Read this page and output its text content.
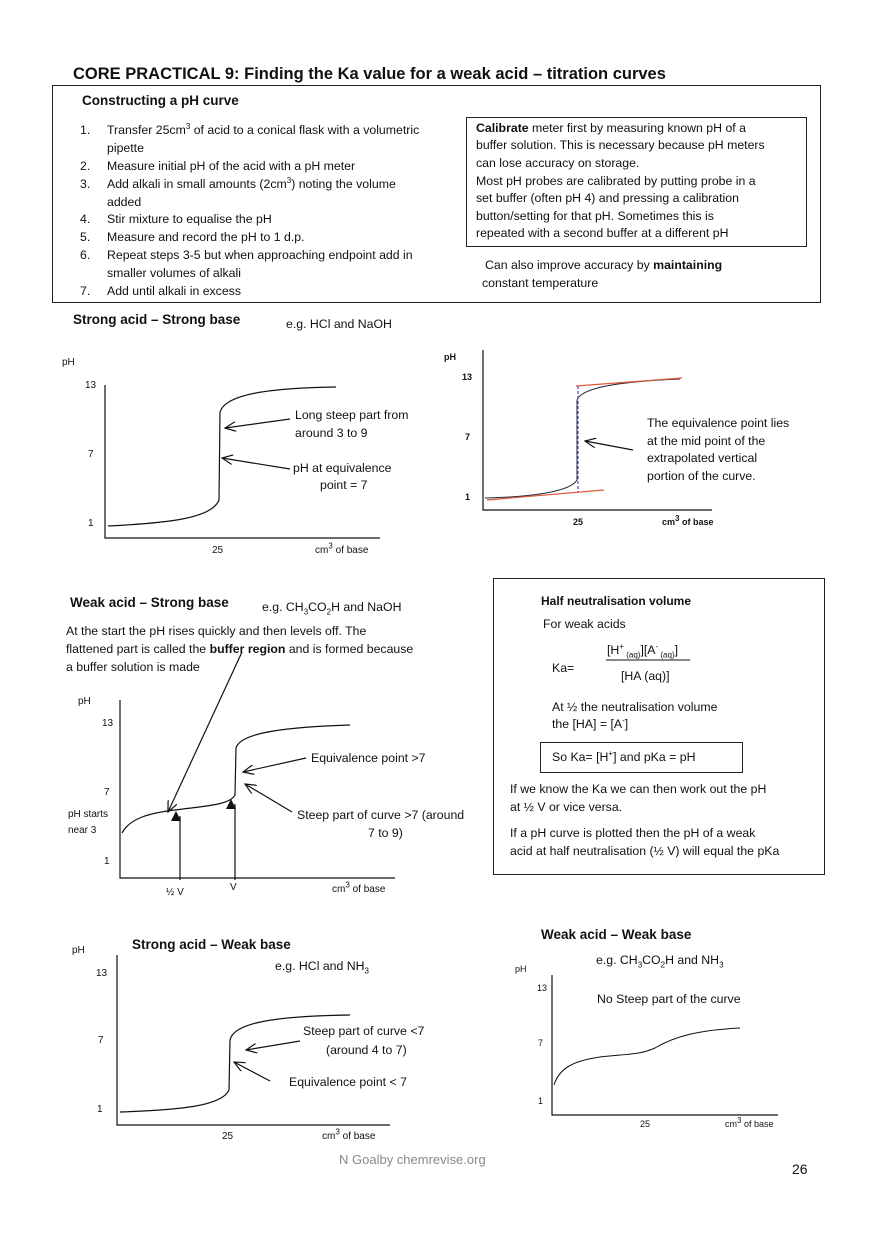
CORE PRACTICAL 9: Finding the Ka value for a weak acid – titration curves
Constructing a pH curve
1. Transfer $25cm^3$ of acid to a conical flask with a volumetric
pipette
2. Measure initial pH of the acid with a pH meter
3. Add alkali in small amounts $(2cm^3)$ noting the volume
added
4. Stir mixture to equalise the pH
5. Measure and record the pH to 1 d.p.
6. Repeat steps 3-5 but when approaching endpoint add in
smaller volumes of alkali
7. Add until alkali in excess
Calibrate meter first by measuring known pH of a
buffer solution. This is necessary because pH meters
can lose accuracy on storage.
Most pH probes are calibrated by putting probe in a
set buffer (often pH 4) and pressing a calibration
button/setting for that pH. Sometimes this is
repeated with a second buffer at a different pH
Can also improve accuracy by maintaining
constant temperature
Strong acid – Strong base	e.g. HCl and NaOH
pH
13
7
1
25	$cm^3$ of base
Long steep part from
around 3 to 9
pH at equivalence
point = 7
pH
13
7
1
25	$cm^3$ of base
The equivalence point lies
at the mid point of the
extrapolated vertical
portion of the curve.
Weak acid – Strong base	e.g. $CH_3CO_2H$ and NaOH
At the start the pH rises quickly and then levels off. The
flattened part is called the buffer region and is formed because
a buffer solution is made
pH
13
7
pH starts
near 3
1
½ V	V	$cm^3$ of base
Equivalence point >7
Steep part of curve >7 (around
7 to 9)
Half neutralisation volume
For weak acids
[H+ $_{(aq)}$][A- $_{(aq)}$]
Ka=
[HA (aq)]
At ½ the neutralisation volume
the [HA] = [A-]
So Ka= [H+] and pKa = pH
If we know the Ka we can then work out the pH
at ½ V or vice versa.
If a pH curve is plotted then the pH of a weak
acid at half neutralisation (½ V) will equal the pKa
Strong acid – Weak base
e.g. HCl and $NH_3$
pH
13
7
1
25	$cm^3$ of base
Steep part of curve <7
(around 4 to 7)
Equivalence point < 7
Weak acid – Weak base
e.g. $CH_3CO_2H$ and $NH_3$
pH
13
No Steep part of the curve
7
1
25	$cm^3$ of base
N Goalby chemrevise.org
26
